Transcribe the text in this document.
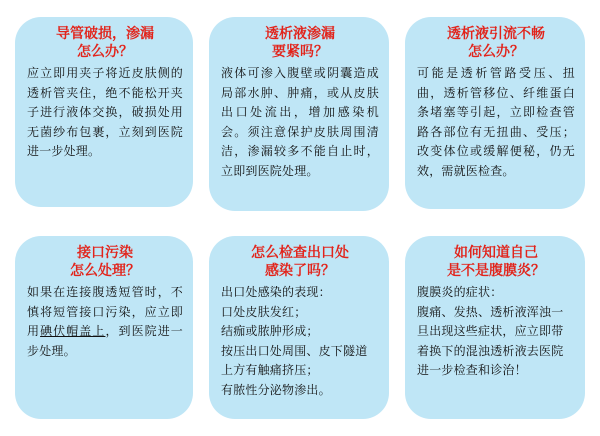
导管破损，渗漏
怎么办？
应立即用夹子将近皮肤侧的透析管夹住，绝不能松开夹子进行液体交换，破损处用无菌纱布包裹，立刻到医院进一步处理。
透析液渗漏
要紧吗？
液体可渗入腹壁或阴囊造成局部水肿、肿痛，或从皮肤出口处流出，增加感染机会。须注意保护皮肤周围清洁，渗漏较多不能自止时，立即到医院处理。
透析液引流不畅
怎么办？
可能是透析管路受压、扭曲，透析管移位、纤维蛋白条堵塞等引起，立即检查管路各部位有无扭曲、受压；改变体位或缓解便秘，仍无效，需就医检查。
接口污染
怎么处理？
如果在连接腹透短管时，不慎将短管接口污染，应立即用碘伏帽盖上，到医院进一步处理。
怎么检查出口处
感染了吗？
出口处感染的表现：
口处皮肤发红；
结痂或脓肿形成；
按压出口处周围、皮下隧道上方有触痛挤压；
有脓性分泌物渗出。
如何知道自己
是不是腹膜炎？
腹膜炎的症状：
腹痛、发热、透析液浑浊一旦出现这些症状，应立即带着换下的混浊透析液去医院进一步检查和诊治！
